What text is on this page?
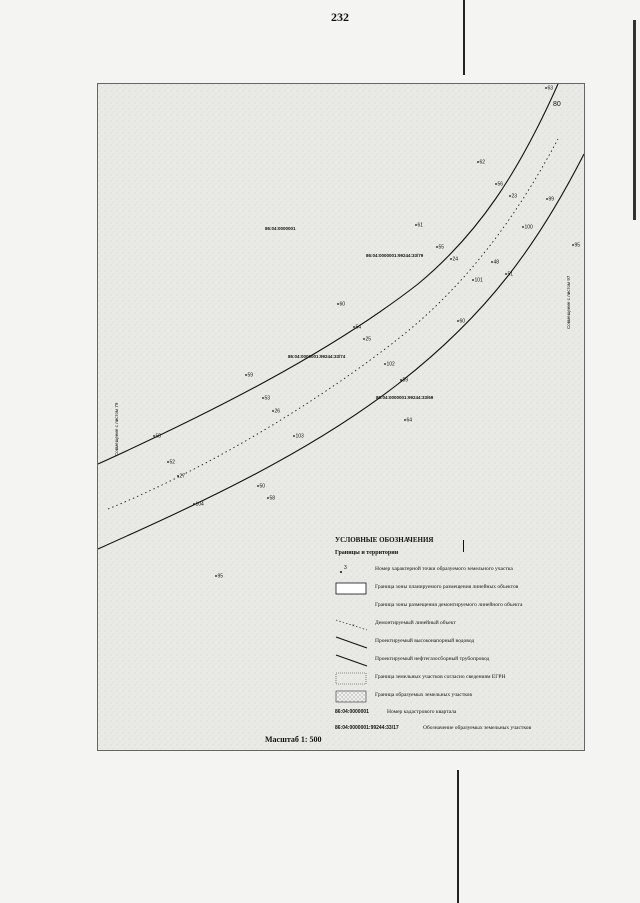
232
63
62
56
23	99
61	100
95
55
24	48
51
101
60
60
54
25
102
59
59
53
26
64
58	103
52
27
50
58
104
95
86:04:0000001
86:04:0000001:99244:33/79
86:04:0000001:99244:33/74
86:04:0000001:99244:33/69
80
Совмещение с листом 79
Совмещение с листом 97
УСЛОВНЫЕ ОБОЗНАЧЕНИЯ
Границы и территории
3	Номер характерной точки образуемого земельного участка
Граница зоны планируемого размещения линейных объектов
Граница зоны размещения демонтируемого линейного объекта
×
Демонтируемый линейный объект
Проектируемый высоконапорный водовод
Проектируемый нефтегазосборный трубопровод
Граница земельных участков согласно сведениям ЕГРН
Граница образуемых земельных участков
86:04:0000001	Номер кадастрового квартала
86:04:0000001:99244:33/17	Обозначение образуемых земельных участков
Масштаб 1: 500
